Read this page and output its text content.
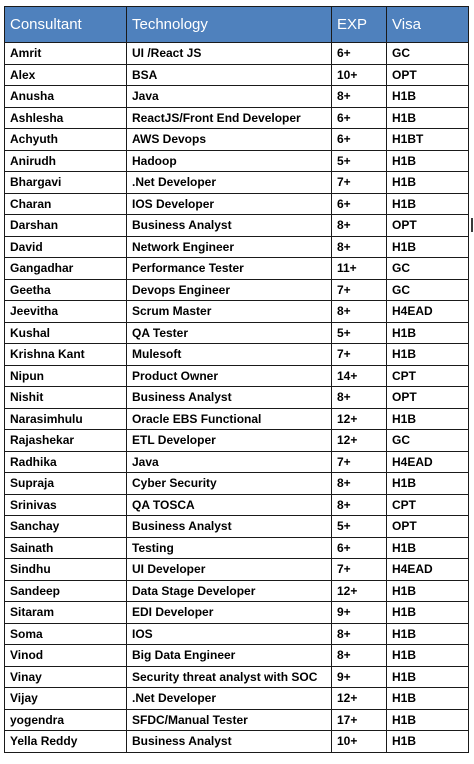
Consultant	Technology	EXP	Visa
Amrit	UI /React JS	6+	GC
Alex	BSA	10+	OPT
Anusha	Java	8+	H1B
Ashlesha	ReactJS/Front End Developer	6+	H1B
Achyuth	AWS Devops	6+	H1BT
Anirudh	Hadoop	5+	H1B
Bhargavi	.Net Developer	7+	H1B
Charan	IOS Developer	6+	H1B
Darshan	Business Analyst	8+	OPT
David	Network Engineer	8+	H1B
Gangadhar	Performance Tester	11+	GC
Geetha	Devops Engineer	7+	GC
Jeevitha	Scrum Master	8+	H4EAD
Kushal	QA Tester	5+	H1B
Krishna Kant	Mulesoft	7+	H1B
Nipun	Product Owner	14+	CPT
Nishit	Business Analyst	8+	OPT
Narasimhulu	Oracle EBS Functional	12+	H1B
Rajashekar	ETL Developer	12+	GC
Radhika	Java	7+	H4EAD
Supraja	Cyber Security	8+	H1B
Srinivas	QA TOSCA	8+	CPT
Sanchay	Business Analyst	5+	OPT
Sainath	Testing	6+	H1B
Sindhu	UI Developer	7+	H4EAD
Sandeep	Data Stage Developer	12+	H1B
Sitaram	EDI Developer	9+	H1B
Soma	IOS	8+	H1B
Vinod	Big Data Engineer	8+	H1B
Vinay	Security threat analyst with SOC	9+	H1B
Vijay	.Net Developer	12+	H1B
yogendra	SFDC/Manual Tester	17+	H1B
Yella Reddy	Business Analyst	10+	H1B
